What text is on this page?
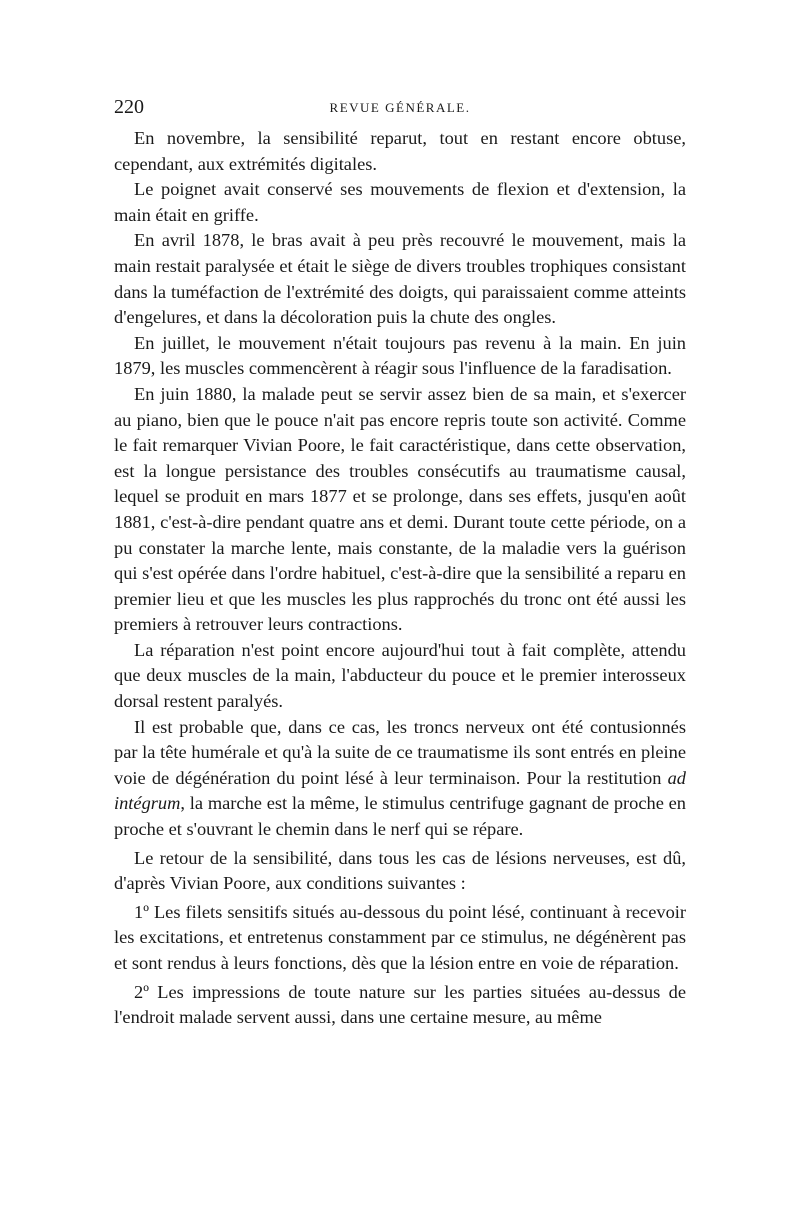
220	REVUE GÉNÉRALE.

En novembre, la sensibilité reparut, tout en restant encore obtuse, cependant, aux extrémités digitales.

Le poignet avait conservé ses mouvements de flexion et d'extension, la main était en griffe.

En avril 1878, le bras avait à peu près recouvré le mouvement, mais la main restait paralysée et était le siège de divers troubles trophiques consistant dans la tuméfaction de l'extrémité des doigts, qui paraissaient comme atteints d'engelures, et dans la décoloration puis la chute des ongles.

En juillet, le mouvement n'était toujours pas revenu à la main. En juin 1879, les muscles commencèrent à réagir sous l'influence de la faradisation.

En juin 1880, la malade peut se servir assez bien de sa main, et s'exercer au piano, bien que le pouce n'ait pas encore repris toute son activité. Comme le fait remarquer Vivian Poore, le fait caractéristique, dans cette observation, est la longue persistance des troubles consécutifs au traumatisme causal, lequel se produit en mars 1877 et se prolonge, dans ses effets, jusqu'en août 1881, c'est-à-dire pendant quatre ans et demi. Durant toute cette période, on a pu constater la marche lente, mais constante, de la maladie vers la guérison qui s'est opérée dans l'ordre habituel, c'est-à-dire que la sensibilité a reparu en premier lieu et que les muscles les plus rapprochés du tronc ont été aussi les premiers à retrouver leurs contractions.

La réparation n'est point encore aujourd'hui tout à fait complète, attendu que deux muscles de la main, l'abducteur du pouce et le premier interosseux dorsal restent paralyés.

Il est probable que, dans ce cas, les troncs nerveux ont été contusionnés par la tête humérale et qu'à la suite de ce traumatisme ils sont entrés en pleine voie de dégénération du point lésé à leur terminaison. Pour la restitution ad intégrum, la marche est la même, le stimulus centrifuge gagnant de proche en proche et s'ouvrant le chemin dans le nerf qui se répare.

Le retour de la sensibilité, dans tous les cas de lésions nerveuses, est dû, d'après Vivian Poore, aux conditions suivantes :

1º Les filets sensitifs situés au-dessous du point lésé, continuant à recevoir les excitations, et entretenus constamment par ce stimulus, ne dégénèrent pas et sont rendus à leurs fonctions, dès que la lésion entre en voie de réparation.

2º Les impressions de toute nature sur les parties situées au-dessus de l'endroit malade servent aussi, dans une certaine mesure, au même
